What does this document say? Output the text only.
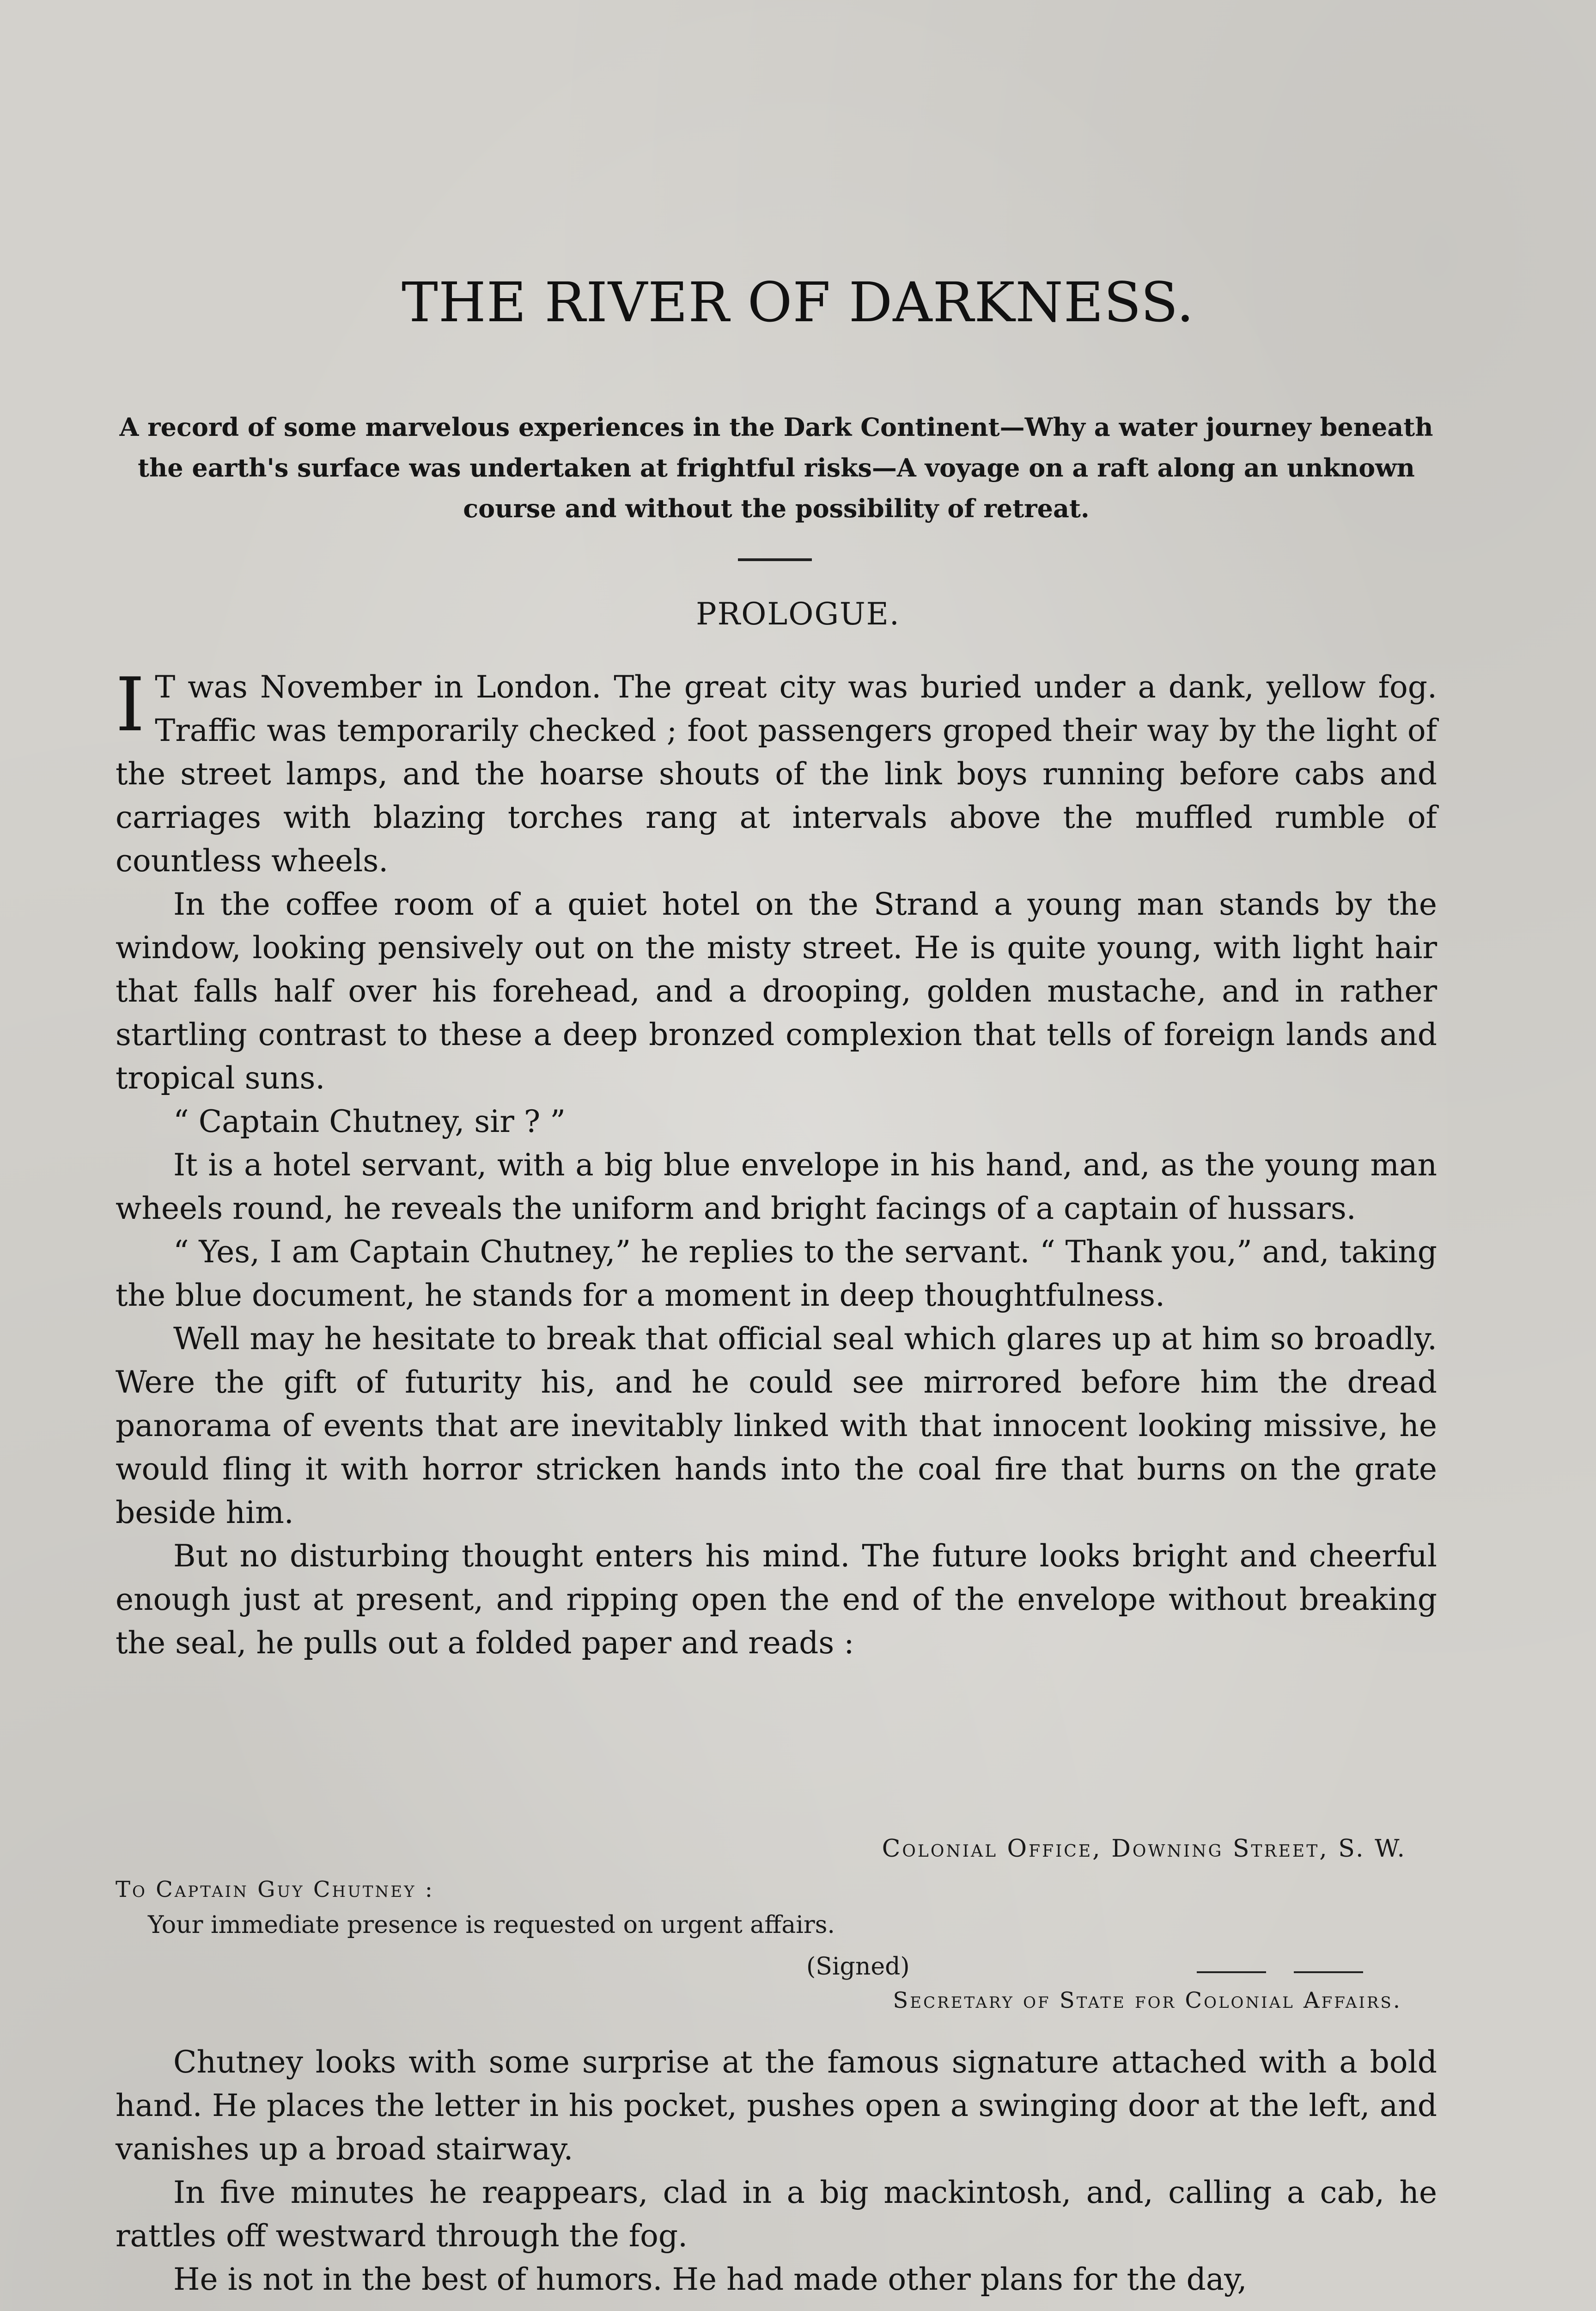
THE RIVER OF DARKNESS.
A record of some marvelous experiences in the Dark Continent—Why a water journey beneath the earth's surface was undertaken at frightful risks—A voyage on a raft along an unknown course and without the possibility of retreat.
PROLOGUE.

I T was November in London. The great city was buried under a dank, yellow fog. Traffic was temporarily checked ; foot passengers groped their way by the light of the street lamps, and the hoarse shouts of the link boys running before cabs and carriages with blazing torches rang at intervals above the muffled rumble of countless wheels.

In the coffee room of a quiet hotel on the Strand a young man stands by the window, looking pensively out on the misty street. He is quite young, with light hair that falls half over his forehead, and a drooping, golden mustache, and in rather startling contrast to these a deep bronzed complexion that tells of foreign lands and tropical suns.

“ Captain Chutney, sir ? ”

It is a hotel servant, with a big blue envelope in his hand, and, as the young man wheels round, he reveals the uniform and bright facings of a captain of hussars.

“ Yes, I am Captain Chutney,” he replies to the servant. “ Thank you,” and, taking the blue document, he stands for a moment in deep thoughtfulness.

Well may he hesitate to break that official seal which glares up at him so broadly. Were the gift of futurity his, and he could see mirrored before him the dread panorama of events that are inevitably linked with that innocent looking missive, he would fling it with horror stricken hands into the coal fire that burns on the grate beside him.

But no disturbing thought enters his mind. The future looks bright and cheerful enough just at present, and ripping open the end of the envelope without breaking the seal, he pulls out a folded paper and reads :

Colonial Office, Downing Street, S. W.
To Captain Guy Chutney :
Your immediate presence is requested on urgent affairs.
(Signed)
Secretary of State for Colonial Affairs.

Chutney looks with some surprise at the famous signature attached with a bold hand. He places the letter in his pocket, pushes open a swinging door at the left, and vanishes up a broad stairway.

In five minutes he reappears, clad in a big mackintosh, and, calling a cab, he rattles off westward through the fog.

He is not in the best of humors. He had made other plans for the day,
